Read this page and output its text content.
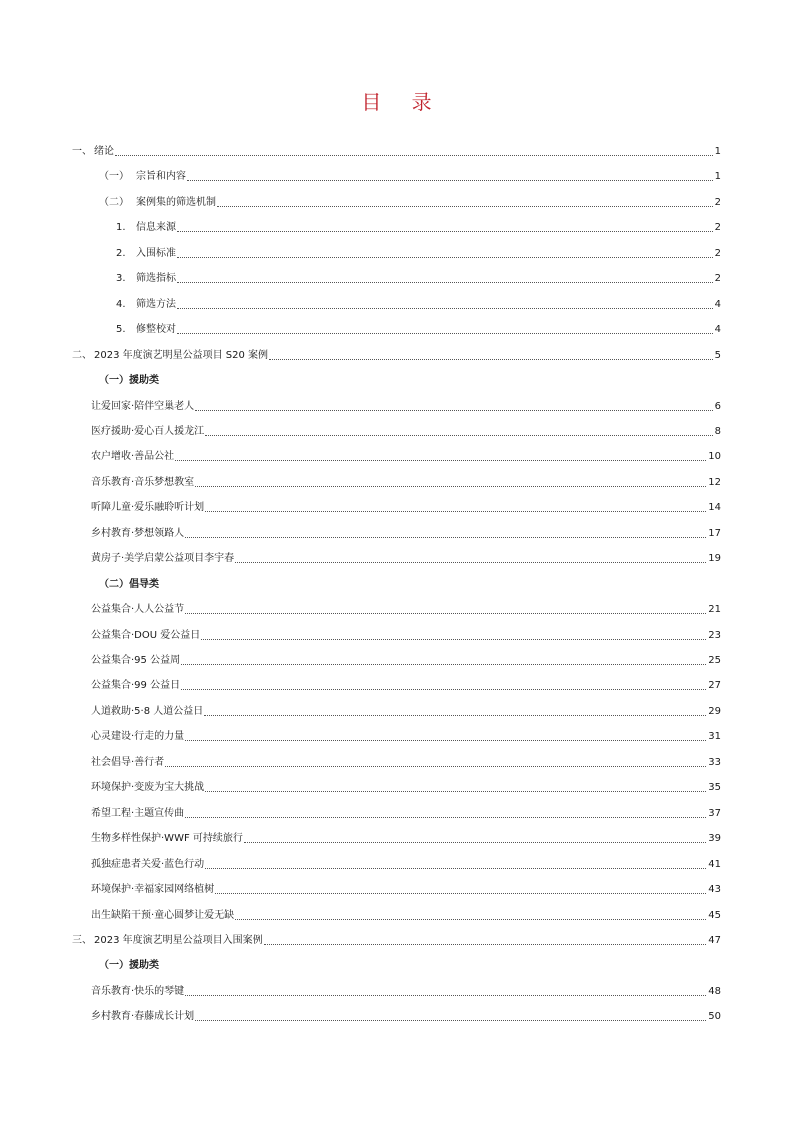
目 录
一、 绪论	1
（一） 宗旨和内容	1
（二） 案例集的筛选机制	2
1.	信息来源	2
2.	入围标准	2
3.	筛选指标	2
4.	筛选方法	4
5.	修整校对	4
二、 2023 年度演艺明星公益项目 S20 案例	5
（一）援助类
让爱回家·陪伴空巢老人	6
医疗援助·爱心百人援龙江	8
农户增收·善品公社	10
音乐教育·音乐梦想教室	12
听障儿童·爱乐融聆听计划	14
乡村教育·梦想领路人	17
黄房子·美学启蒙公益项目李宇春	19
（二）倡导类
公益集合·人人公益节	21
公益集合·DOU 爱公益日	23
公益集合·95 公益周	25
公益集合·99 公益日	27
人道救助·5·8 人道公益日	29
心灵建设·行走的力量	31
社会倡导·善行者	33
环境保护·变废为宝大挑战	35
希望工程·主题宣传曲	37
生物多样性保护·WWF 可持续旅行	39
孤独症患者关爱·蓝色行动	41
环境保护·幸福家园网络植树	43
出生缺陷干预·童心圆梦让爱无缺	45
三、 2023 年度演艺明星公益项目入围案例	47
（一）援助类
音乐教育·快乐的琴键	48
乡村教育·春藤成长计划	50
